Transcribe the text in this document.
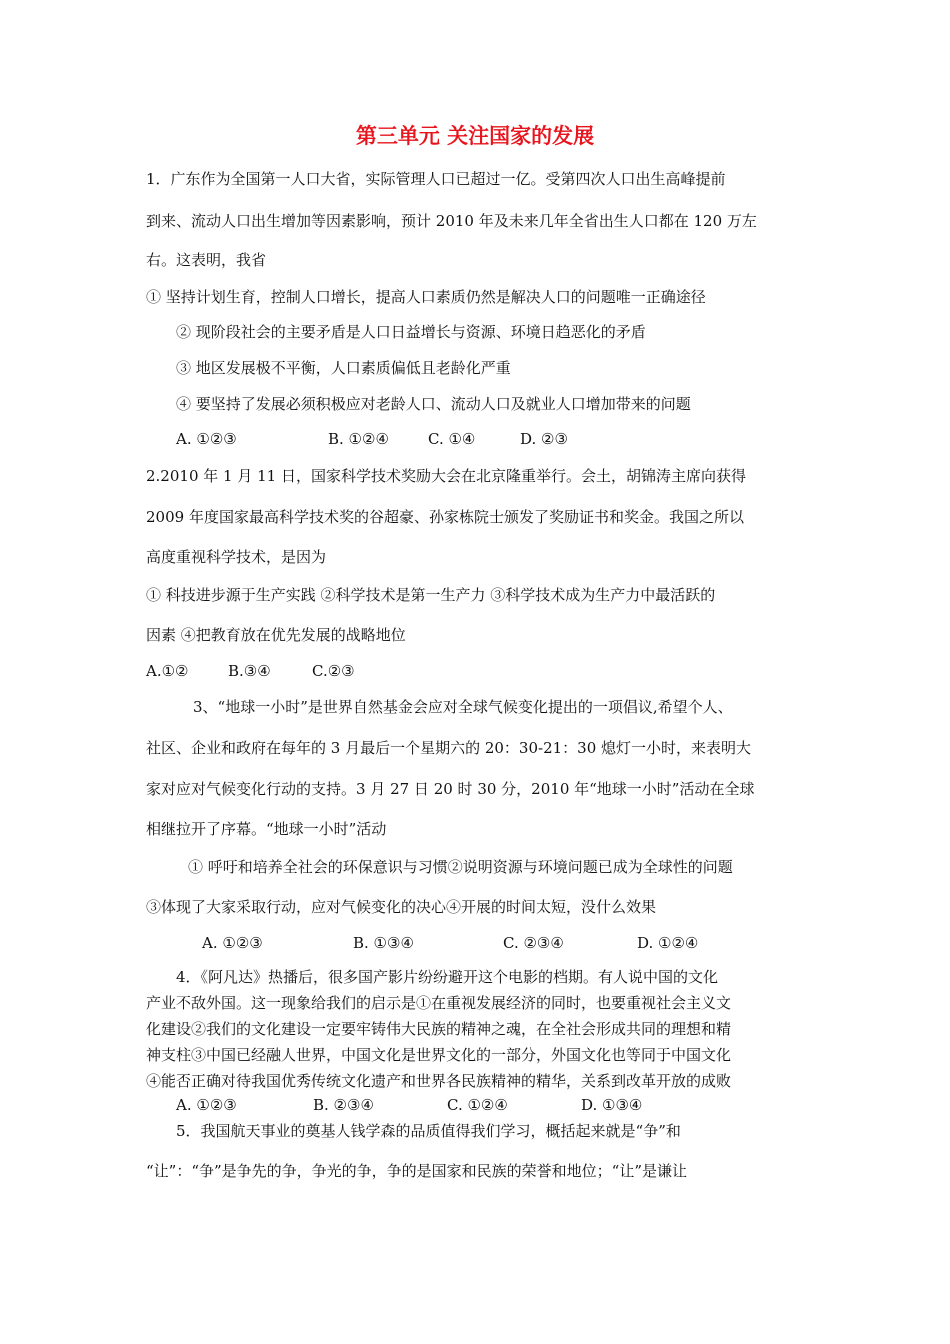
第三单元 关注国家的发展
1．广东作为全国第一人口大省，实际管理人口已超过一亿。受第四次人口出生高峰提前
到来、流动人口出生增加等因素影响，预计 2010 年及未来几年全省出生人口都在 120 万左
右。这表明，我省
① 坚持计划生育，控制人口增长，提高人口素质仍然是解决人口的问题唯一正确途径
② 现阶段社会的主要矛盾是人口日益增长与资源、环境日趋恶化的矛盾
③ 地区发展极不平衡，人口素质偏低且老龄化严重
④ 要坚持了发展必须积极应对老龄人口、流动人口及就业人口增加带来的问题
A. ①②③	B. ①②④	C. ①④	D. ②③
2.2010 年 1 月 11 日，国家科学技术奖励大会在北京隆重举行。会土，胡锦涛主席向获得
2009 年度国家最高科学技术奖的谷超豪、孙家栋院士颁发了奖励证书和奖金。我国之所以
高度重视科学技术，是因为
① 科技进步源于生产实践 ②科学技术是第一生产力 ③科学技术成为生产力中最活跃的
因素 ④把教育放在优先发展的战略地位
A.①②	B.③④	C.②③
3、“地球一小时”是世界自然基金会应对全球气候变化提出的一项倡议,希望个人、
社区、企业和政府在每年的 3 月最后一个星期六的 20：30-21：30 熄灯一小时，来表明大
家对应对气候变化行动的支持。3 月 27 日 20 时 30 分，2010 年“地球一小时”活动在全球
相继拉开了序幕。“地球一小时”活动
① 呼吁和培养全社会的环保意识与习惯②说明资源与环境问题已成为全球性的问题
③体现了大家采取行动，应对气候变化的决心④开展的时间太短，没什么效果
A. ①②③	B. ①③④	C. ②③④	D. ①②④
4．《阿凡达》热播后，很多国产影片纷纷避开这个电影的档期。有人说中国的文化
产业不敌外国。这一现象给我们的启示是①在重视发展经济的同时，也要重视社会主义文
化建设②我们的文化建设一定要牢铸伟大民族的精神之魂，在全社会形成共同的理想和精
神支柱③中国已经融人世界，中国文化是世界文化的一部分，外国文化也等同于中国文化
④能否正确对待我国优秀传统文化遗产和世界各民族精神的精华，关系到改革开放的成败
A. ①②③	B. ②③④	C. ①②④	D. ①③④
5．我国航天事业的奠基人钱学森的品质值得我们学习，概括起来就是“争”和
“让”：“争”是争先的争，争光的争，争的是国家和民族的荣誉和地位；“让”是谦让
